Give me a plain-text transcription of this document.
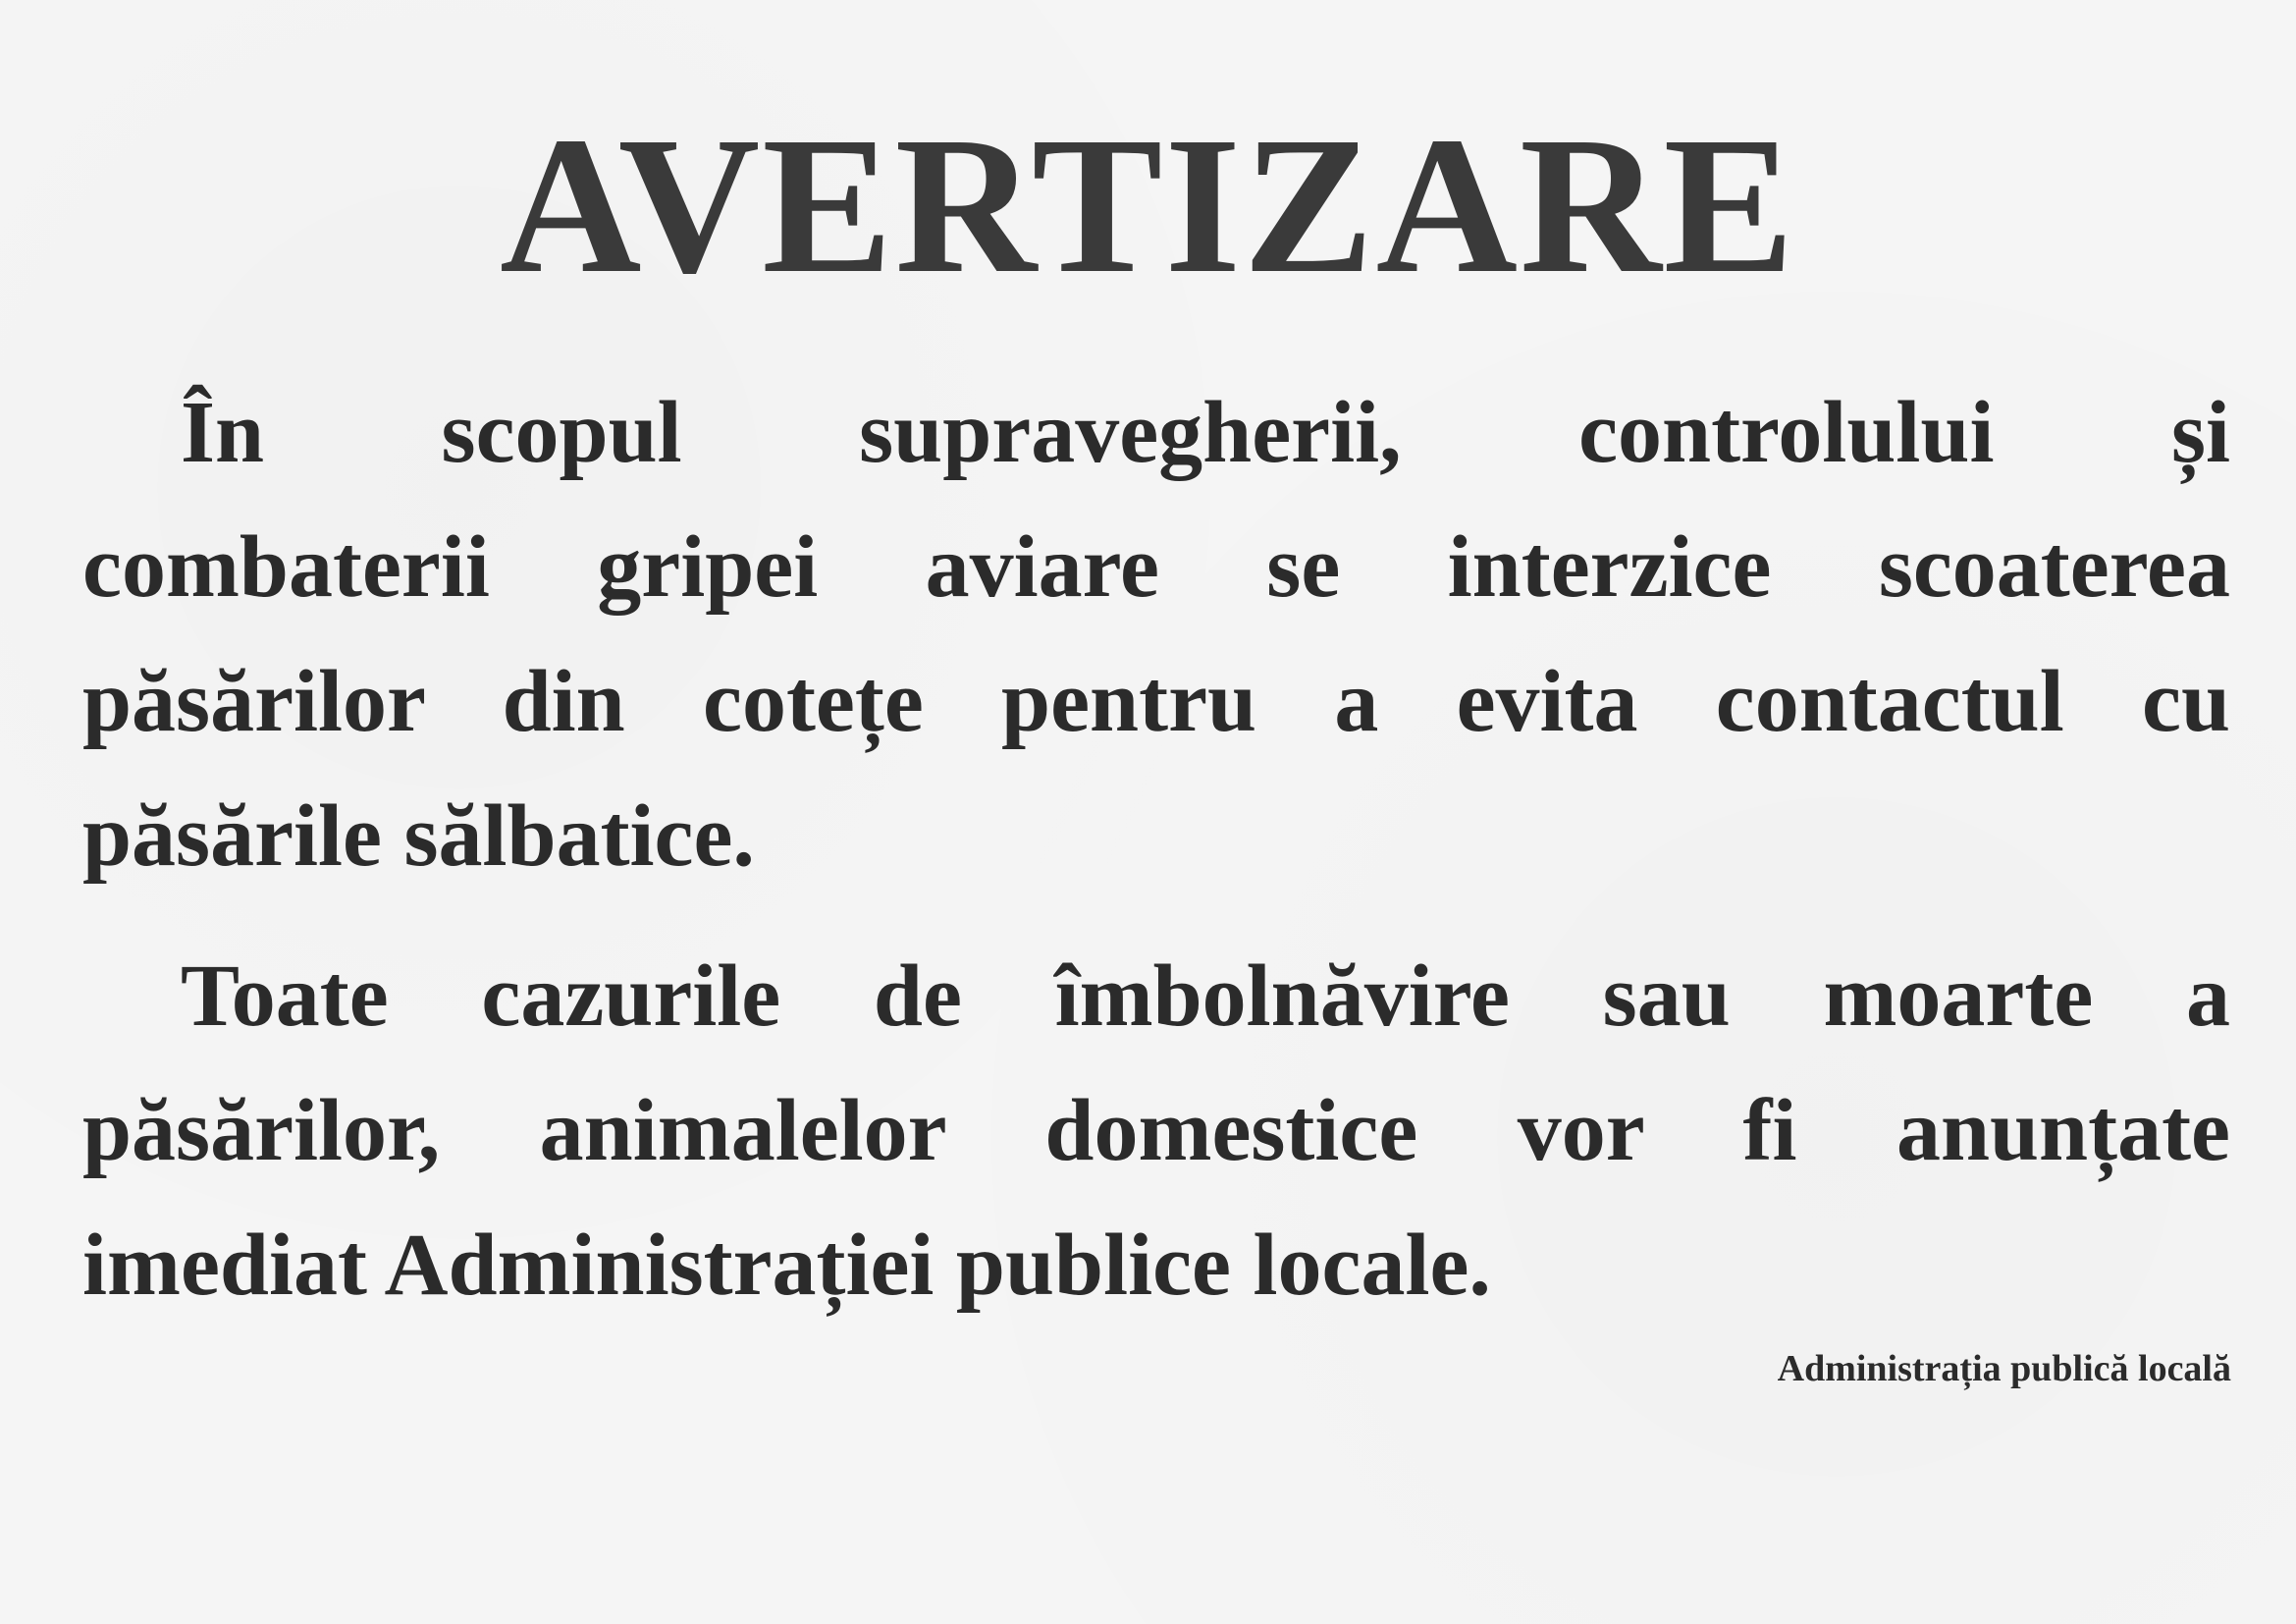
AVERTIZARE
În scopul supravegherii, controlului și
combaterii gripei aviare se interzice scoaterea
păsărilor din cotețe pentru a evita contactul cu
păsările sălbatice.
Toate cazurile de îmbolnăvire sau moarte a
păsărilor, animalelor domestice vor fi anunțate
imediat Administrației publice locale.
Administrația publică locală
